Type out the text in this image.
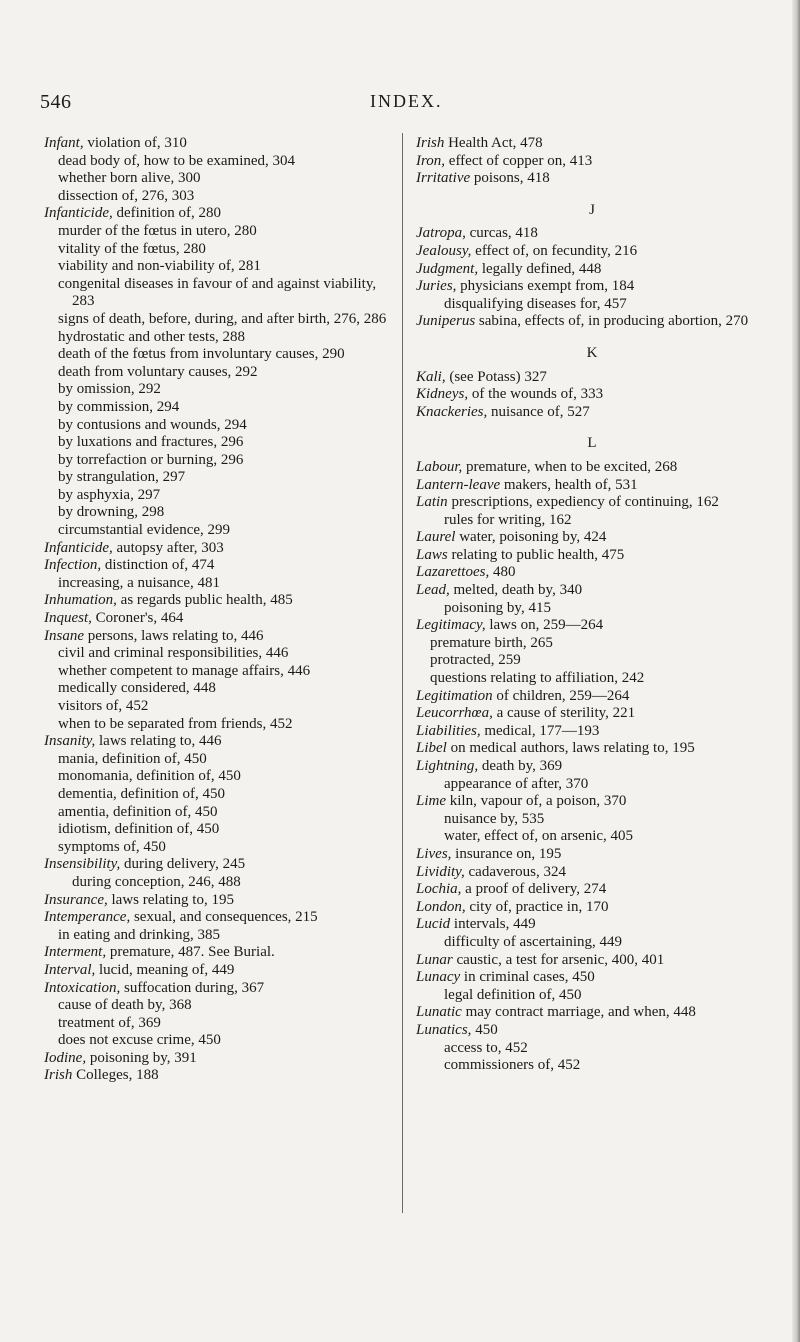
546	INDEX.

Infant, violation of, 310

dead body of, how to be examined, 304

whether born alive, 300

dissection of, 276, 303

Infanticide, definition of, 280

murder of the fœtus in utero, 280

vitality of the fœtus, 280

viability and non-viability of, 281

congenital diseases in favour of and against viability, 283

signs of death, before, during, and after birth, 276, 286

hydrostatic and other tests, 288

death of the fœtus from involuntary causes, 290

death from voluntary causes, 292

by omission, 292

by commission, 294

by contusions and wounds, 294

by luxations and fractures, 296

by torrefaction or burning, 296

by strangulation, 297

by asphyxia, 297

by drowning, 298

circumstantial evidence, 299

Infanticide, autopsy after, 303

Infection, distinction of, 474

increasing, a nuisance, 481

Inhumation, as regards public health, 485

Inquest, Coroner's, 464

Insane persons, laws relating to, 446

civil and criminal responsibilities, 446

whether competent to manage affairs, 446

medically considered, 448

visitors of, 452

when to be separated from friends, 452

Insanity, laws relating to, 446

mania, definition of, 450

monomania, definition of, 450

dementia, definition of, 450

amentia, definition of, 450

idiotism, definition of, 450

symptoms of, 450

Insensibility, during delivery, 245

during conception, 246, 488

Insurance, laws relating to, 195

Intemperance, sexual, and consequences, 215

in eating and drinking, 385

Interment, premature, 487. See Burial.

Interval, lucid, meaning of, 449

Intoxication, suffocation during, 367

cause of death by, 368

treatment of, 369

does not excuse crime, 450

Iodine, poisoning by, 391

Irish Colleges, 188

Irish Health Act, 478

Iron, effect of copper on, 413

Irritative poisons, 418

J

Jatropa, curcas, 418

Jealousy, effect of, on fecundity, 216

Judgment, legally defined, 448

Juries, physicians exempt from, 184

disqualifying diseases for, 457

Juniperus sabina, effects of, in producing abortion, 270

K

Kali, (see Potass) 327

Kidneys, of the wounds of, 333

Knackeries, nuisance of, 527

L

Labour, premature, when to be excited, 268

Lantern-leave makers, health of, 531

Latin prescriptions, expediency of continuing, 162

rules for writing, 162

Laurel water, poisoning by, 424

Laws relating to public health, 475

Lazarettoes, 480

Lead, melted, death by, 340

poisoning by, 415

Legitimacy, laws on, 259—264

premature birth, 265

protracted, 259

questions relating to affiliation, 242

Legitimation of children, 259—264

Leucorrhœa, a cause of sterility, 221

Liabilities, medical, 177—193

Libel on medical authors, laws relating to, 195

Lightning, death by, 369

appearance of after, 370

Lime kiln, vapour of, a poison, 370

nuisance by, 535

water, effect of, on arsenic, 405

Lives, insurance on, 195

Lividity, cadaverous, 324

Lochia, a proof of delivery, 274

London, city of, practice in, 170

Lucid intervals, 449

difficulty of ascertaining, 449

Lunar caustic, a test for arsenic, 400, 401

Lunacy in criminal cases, 450

legal definition of, 450

Lunatic may contract marriage, and when, 448

Lunatics, 450

access to, 452

commissioners of, 452
